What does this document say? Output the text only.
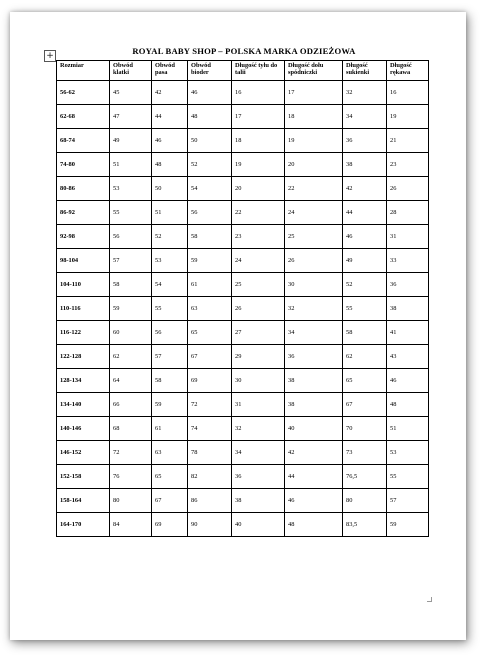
+	ROYAL BABY SHOP – POLSKA MARKA ODZIEŻOWA
Rozmiar	Obwód klatki	Obwód pasa	Obwód bioder	Długość tyłu do talii	Długość dołu spódniczki	Długość sukienki	Długość rękawa
56-62	45	42	46	16	17	32	16
62-68	47	44	48	17	18	34	19
68-74	49	46	50	18	19	36	21
74-80	51	48	52	19	20	38	23
80-86	53	50	54	20	22	42	26
86-92	55	51	56	22	24	44	28
92-98	56	52	58	23	25	46	31
98-104	57	53	59	24	26	49	33
104-110	58	54	61	25	30	52	36
110-116	59	55	63	26	32	55	38
116-122	60	56	65	27	34	58	41
122-128	62	57	67	29	36	62	43
128-134	64	58	69	30	38	65	46
134-140	66	59	72	31	38	67	48
140-146	68	61	74	32	40	70	51
146-152	72	63	78	34	42	73	53
152-158	76	65	82	36	44	76,5	55
158-164	80	67	86	38	46	80	57
164-170	84	69	90	40	48	83,5	59
